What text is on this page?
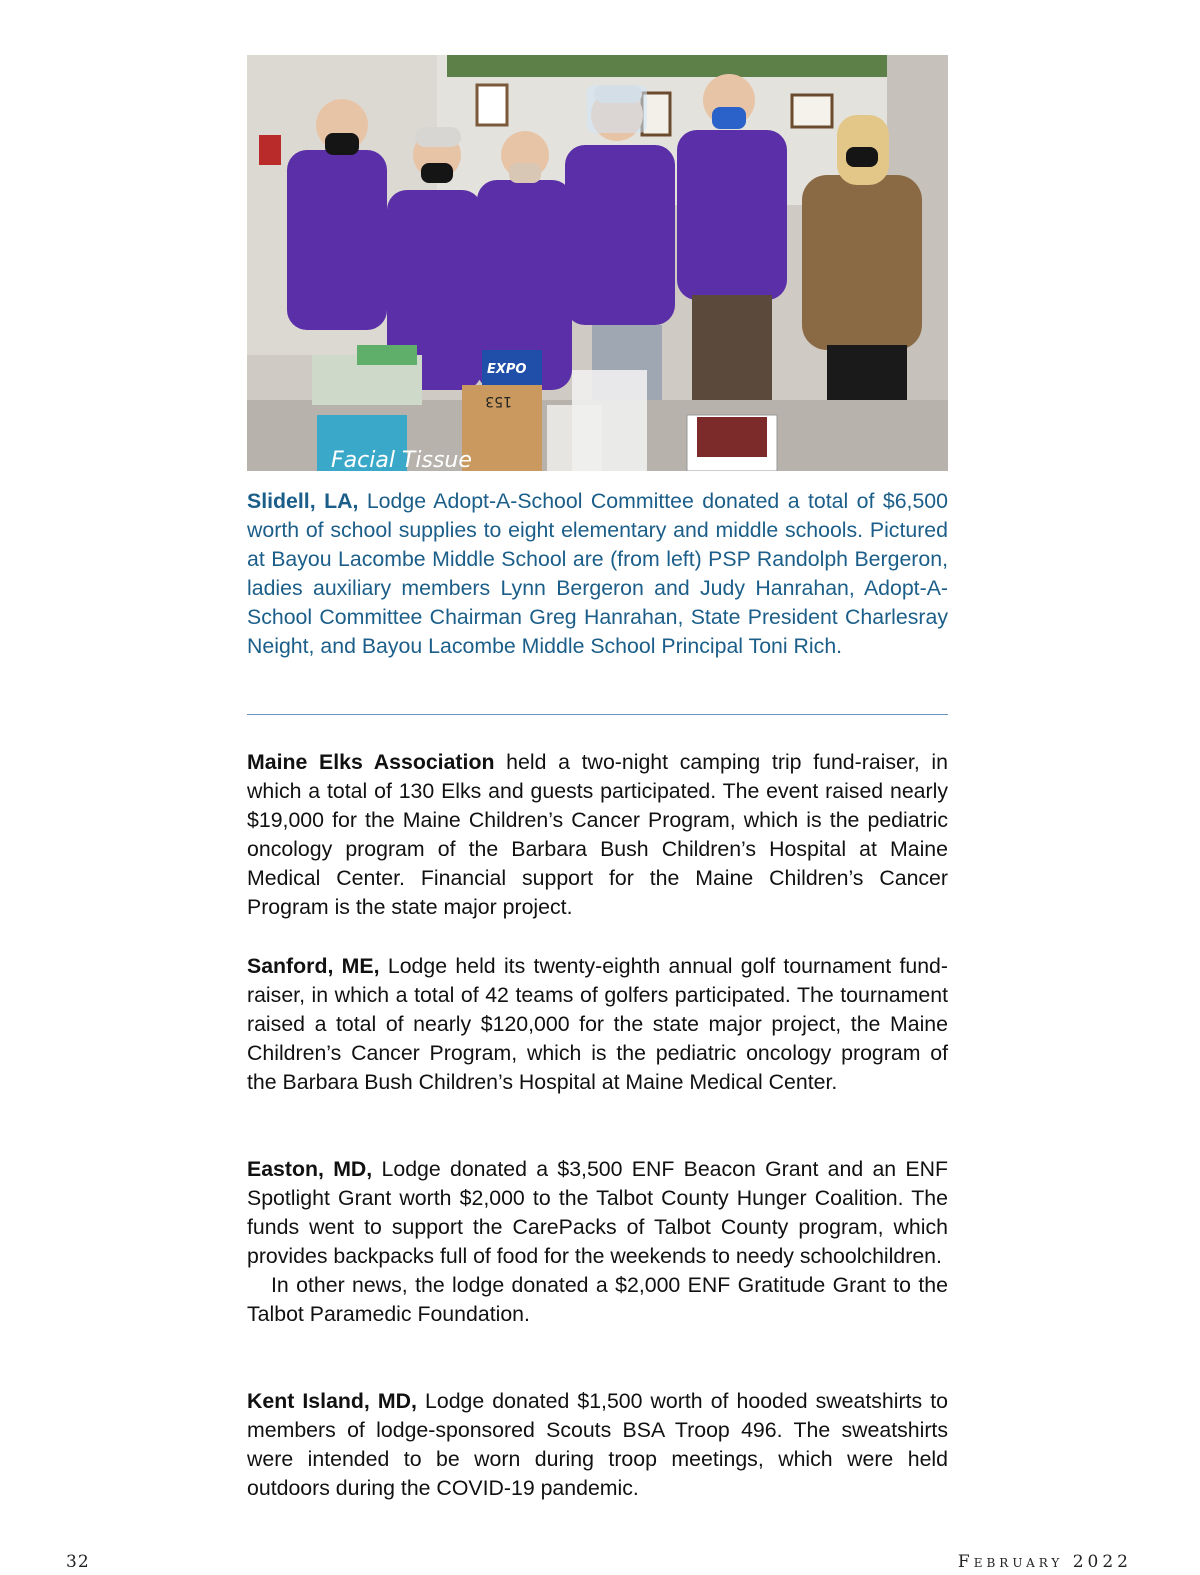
Facial Tissue
153
EXPO

Slidell, LA, Lodge Adopt-A-School Committee donated a total of $6,500 worth of school supplies to eight elementary and middle schools. Pictured at Bayou Lacombe Middle School are (from left) PSP Randolph Bergeron, ladies auxiliary members Lynn Bergeron and Judy Hanrahan, Adopt-A-School Committee Chairman Greg Hanrahan, State President Charlesray Neight, and Bayou Lacombe Middle School Principal Toni Rich.

Maine Elks Association held a two-night camping trip fund-raiser, in which a total of 130 Elks and guests participated. The event raised nearly $19,000 for the Maine Children’s Cancer Program, which is the pediatric oncology program of the Barbara Bush Children’s Hospital at Maine Medical Center. Financial support for the Maine Children’s Cancer Program is the state major project.

Sanford, ME, Lodge held its twenty-eighth annual golf tournament fund-raiser, in which a total of 42 teams of golfers participated. The tournament raised a total of nearly $120,000 for the state major project, the Maine Children’s Cancer Program, which is the pediatric oncology program of the Barbara Bush Children’s Hospital at Maine Medical Center.

Easton, MD, Lodge donated a $3,500 ENF Beacon Grant and an ENF Spotlight Grant worth $2,000 to the Talbot County Hunger Coalition. The funds went to support the CarePacks of Talbot County program, which provides backpacks full of food for the weekends to needy schoolchildren.

In other news, the lodge donated a $2,000 ENF Gratitude Grant to the Talbot Paramedic Foundation.

Kent Island, MD, Lodge donated $1,500 worth of hooded sweatshirts to members of lodge-sponsored Scouts BSA Troop 496. The sweatshirts were intended to be worn during troop meetings, which were held outdoors during the COVID-19 pandemic.

32	February 2022
